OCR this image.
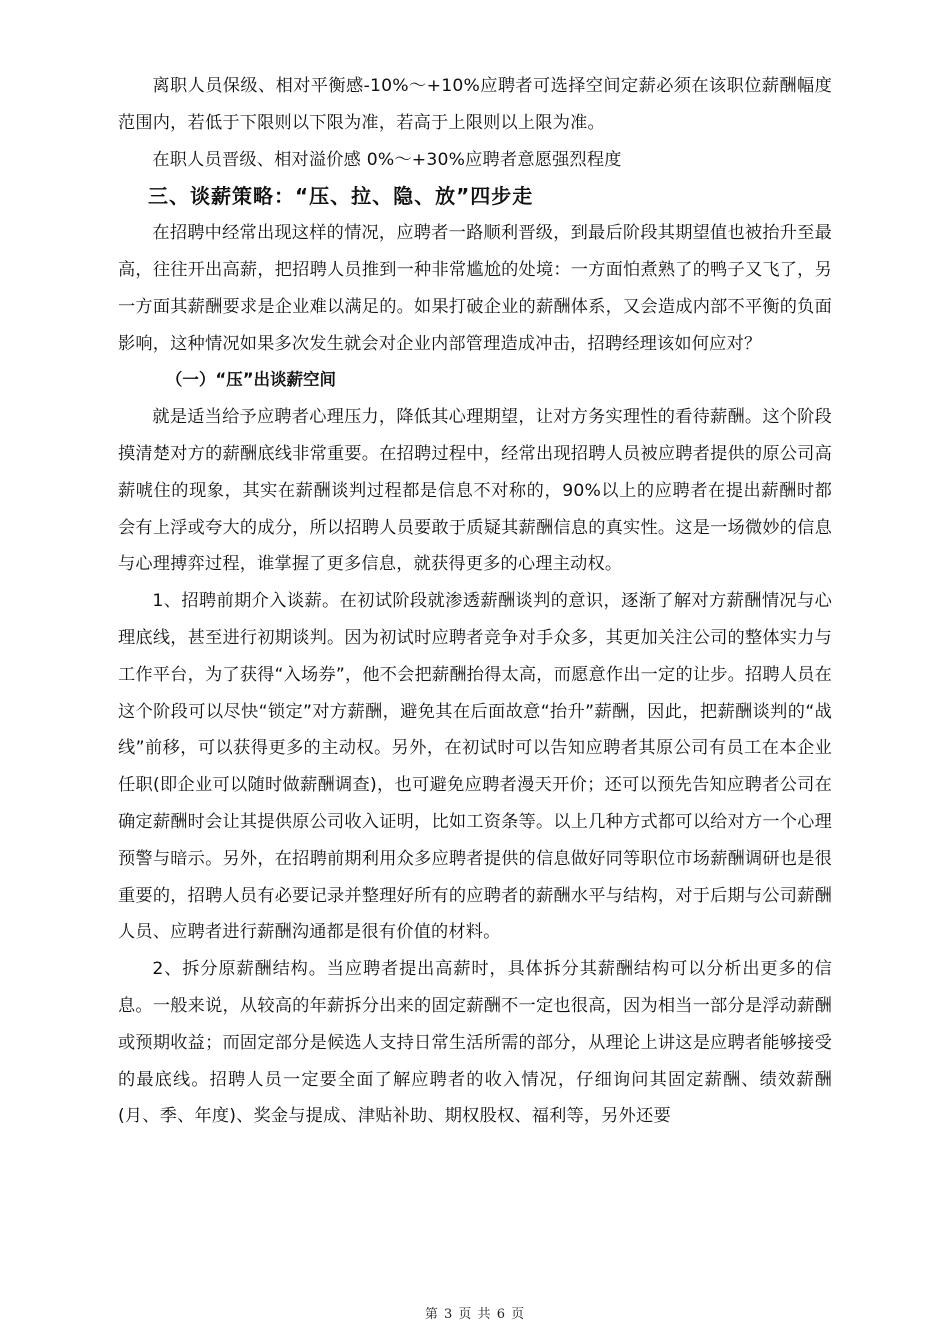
离职人员保级、相对平衡感-10%～+10%应聘者可选择空间定薪必须在该职位薪酬幅度范围内，若低于下限则以下限为准，若高于上限则以上限为准。

在职人员晋级、相对溢价感 0%～+30%应聘者意愿强烈程度

三、谈薪策略：“压、拉、隐、放”四步走

在招聘中经常出现这样的情况，应聘者一路顺利晋级，到最后阶段其期望值也被抬升至最高，往往开出高薪，把招聘人员推到一种非常尴尬的处境：一方面怕煮熟了的鸭子又飞了，另一方面其薪酬要求是企业难以满足的。如果打破企业的薪酬体系，又会造成内部不平衡的负面影响，这种情况如果多次发生就会对企业内部管理造成冲击，招聘经理该如何应对？

（一）“压”出谈薪空间

就是适当给予应聘者心理压力，降低其心理期望，让对方务实理性的看待薪酬。这个阶段摸清楚对方的薪酬底线非常重要。在招聘过程中，经常出现招聘人员被应聘者提供的原公司高薪唬住的现象，其实在薪酬谈判过程都是信息不对称的，90%以上的应聘者在提出薪酬时都会有上浮或夸大的成分，所以招聘人员要敢于质疑其薪酬信息的真实性。这是一场微妙的信息与心理搏弈过程，谁掌握了更多信息，就获得更多的心理主动权。

1、招聘前期介入谈薪。在初试阶段就渗透薪酬谈判的意识，逐渐了解对方薪酬情况与心理底线，甚至进行初期谈判。因为初试时应聘者竞争对手众多，其更加关注公司的整体实力与工作平台，为了获得“入场券”，他不会把薪酬抬得太高，而愿意作出一定的让步。招聘人员在这个阶段可以尽快“锁定”对方薪酬，避免其在后面故意“抬升”薪酬，因此，把薪酬谈判的“战线”前移，可以获得更多的主动权。另外，在初试时可以告知应聘者其原公司有员工在本企业任职(即企业可以随时做薪酬调查)，也可避免应聘者漫天开价；还可以预先告知应聘者公司在确定薪酬时会让其提供原公司收入证明，比如工资条等。以上几种方式都可以给对方一个心理预警与暗示。另外，在招聘前期利用众多应聘者提供的信息做好同等职位市场薪酬调研也是很重要的，招聘人员有必要记录并整理好所有的应聘者的薪酬水平与结构，对于后期与公司薪酬人员、应聘者进行薪酬沟通都是很有价值的材料。

2、拆分原薪酬结构。当应聘者提出高薪时，具体拆分其薪酬结构可以分析出更多的信息。一般来说，从较高的年薪拆分出来的固定薪酬不一定也很高，因为相当一部分是浮动薪酬或预期收益；而固定部分是候选人支持日常生活所需的部分，从理论上讲这是应聘者能够接受的最底线。招聘人员一定要全面了解应聘者的收入情况，仔细询问其固定薪酬、绩效薪酬(月、季、年度)、奖金与提成、津贴补助、期权股权、福利等，另外还要

第 3 页 共 6 页
